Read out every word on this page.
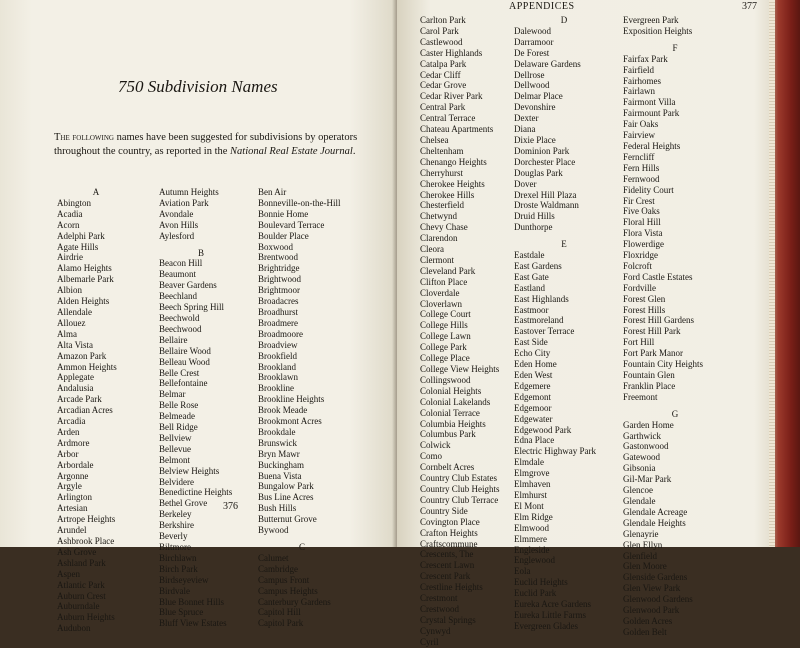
750 Subdivision Names
The following names have been suggested for subdivisions by operators throughout the country, as reported in the National Real Estate Journal.
A
Abington
Acadia
Acorn
Adelphi Park
Agate Hills
Airdrie
Alamo Heights
Albemarle Park
Albion
Alden Heights
Allendale
Allouez
Alma
Alta Vista
Amazon Park
Ammon Heights
Applegate
Andalusia
Arcade Park
Arcadian Acres
Arcadia
Arden
Ardmore
Arbor
Arbordale
Argonne
Argyle
Arlington
Artesian
Artrope Heights
Arundel
Ashbrook Place
Ash Grove
Ashland Park
Aspen
Atlantic Park
Auburn Crest
Auburndale
Auburn Heights
Audubon
Autumn Heights
Aviation Park
Avondale
Avon Hills
Aylesford
B
Beacon Hill
Beaumont
Beaver Gardens
Beechland
Beech Spring Hill
Beechwold
Beechwood
Bellaire
Bellaire Wood
Belleau Wood
Belle Crest
Bellefontaine
Belmar
Belle Rose
Belmeade
Bell Ridge
Bellview
Bellevue
Belmont
Belview Heights
Belvidere
Benedictine Heights
Bethel Grove
Berkeley
Berkshire
Beverly
Biltmore
Birchlawn
Birch Park
Birdseyeview
Birdvale
Blue Bonnet Hills
Blue Spruce
Bluff View Estates
Ben Air
Bonneville-on-the-Hill
Bonnie Home
Boulevard Terrace
Boulder Place
Boxwood
Brentwood
Brightridge
Brightwood
Brightmoor
Broadacres
Broadhurst
Broadmere
Broadmoore
Broadview
Brookfield
Brookland
Brooklawn
Brookline
Brookline Heights
Brook Meade
Brookmont Acres
Brookdale
Brunswick
Bryn Mawr
Buckingham
Buena Vista
Bungalow Park
Bus Line Acres
Bush Hills
Butternut Grove
Bywood
C
Calumet
Cambridge
Campus Front
Campus Heights
Canterbury Gardens
Capitol Hill
Capitol Park
376
APPENDICES	377
Carlton Park
Carol Park
Castlewood
Caster Highlands
Catalpa Park
Cedar Cliff
Cedar Grove
Cedar River Park
Central Park
Central Terrace
Chateau Apartments
Chelsea
Cheltenham
Chenango Heights
Cherryhurst
Cherokee Heights
Cherokee Hills
Chesterfield
Chetwynd
Chevy Chase
Clarendon
Cleora
Clermont
Cleveland Park
Clifton Place
Cloverdale
Cloverlawn
College Court
College Hills
College Lawn
College Park
College Place
College View Heights
Collingswood
Colonial Heights
Colonial Lakelands
Colonial Terrace
Columbia Heights
Columbus Park
Colwick
Como
Cornbelt Acres
Country Club Estates
Country Club Heights
Country Club Terrace
Country Side
Covington Place
Crafton Heights
Craftscommune
Crescents, The
Crescent Lawn
Crescent Park
Crestline Heights
Crestmont
Crestwood
Crystal Springs
Cynwyd
Cyril
D
Dalewood
Darramoor
De Forest
Delaware Gardens
Dellrose
Dellwood
Delmar Place
Devonshire
Dexter
Diana
Dixie Place
Dominion Park
Dorchester Place
Douglas Park
Dover
Drexel Hill Plaza
Droste Waldmann
Druid Hills
Dunthorpe
E
Eastdale
East Gardens
East Gate
Eastland
East Highlands
Eastmoor
Eastmoreland
Eastover Terrace
East Side
Echo City
Eden Home
Eden West
Edgemere
Edgemont
Edgemoor
Edgewater
Edgewood Park
Edna Place
Electric Highway Park
Elmdale
Elmgrove
Elmhaven
Elmhurst
El Mont
Elm Ridge
Elmwood
Elmmere
Engleside
Englewood
Eola
Euclid Heights
Euclid Park
Eureka Acre Gardens
Eureka Little Farms
Evergreen Glades
Evergreen Park
Exposition Heights
F
Fairfax Park
Fairfield
Fairhomes
Fairlawn
Fairmont Villa
Fairmount Park
Fair Oaks
Fairview
Federal Heights
Ferncliff
Fern Hills
Fernwood
Fidelity Court
Fir Crest
Five Oaks
Floral Hill
Flora Vista
Flowerdige
Floxridge
Folcroft
Ford Castle Estates
Fordville
Forest Glen
Forest Hills
Forest Hill Gardens
Forest Hill Park
Fort Hill
Fort Park Manor
Fountain City Heights
Fountain Glen
Franklin Place
Freemont
G
Garden Home
Garthwick
Gastonwood
Gatewood
Gibsonia
Gil-Mar Park
Glencoe
Glendale
Glendale Acreage
Glendale Heights
Glenayrie
Glen Ellyn
Glenfield
Glen Moore
Glenside Gardens
Glen View Park
Glenwood Gardens
Glenwood Park
Golden Acres
Golden Belt
